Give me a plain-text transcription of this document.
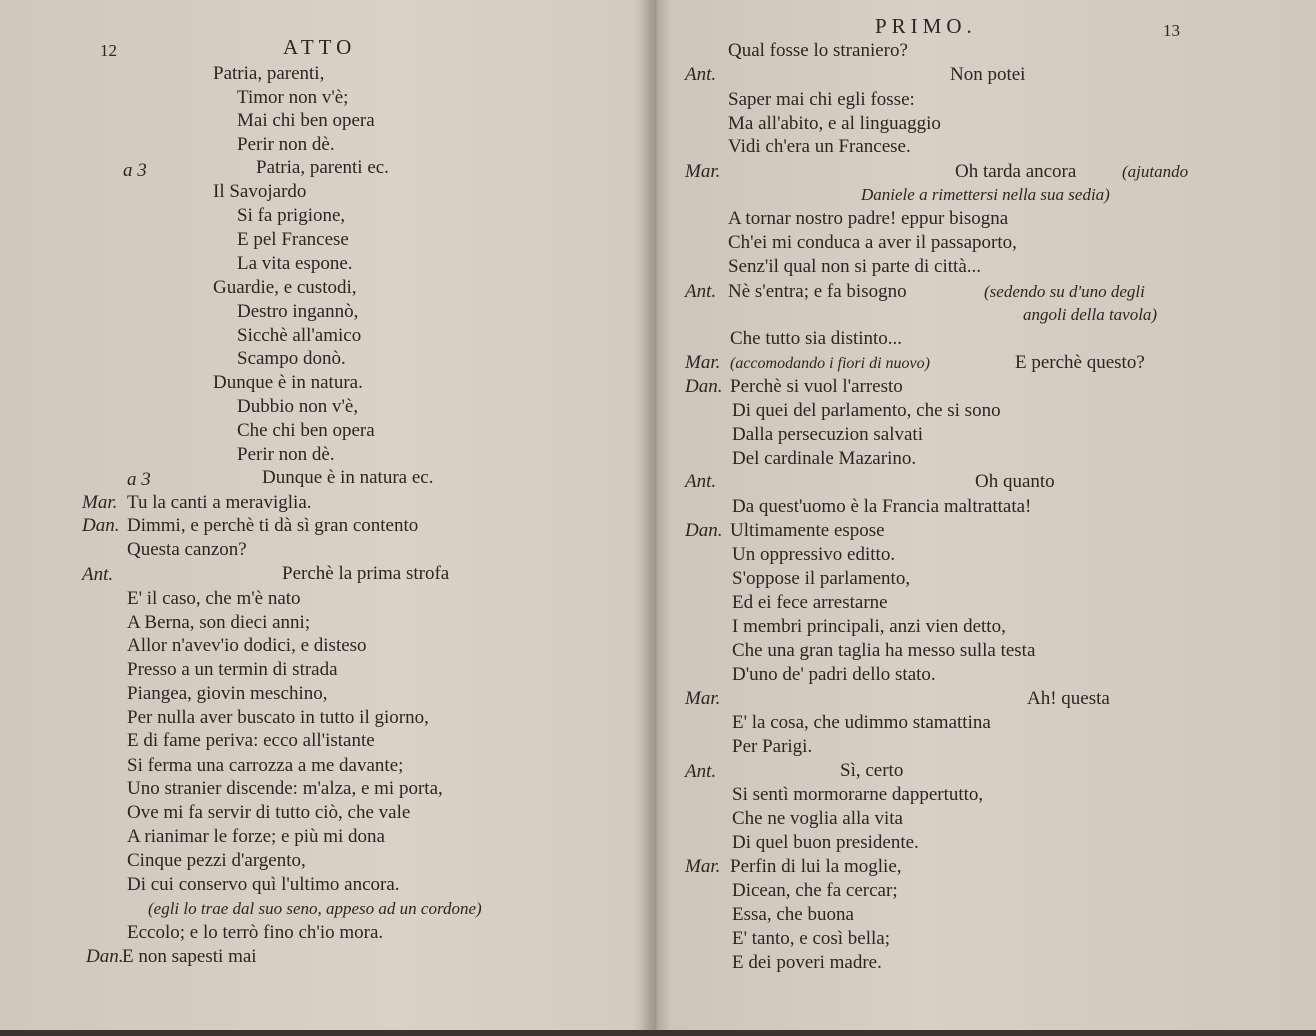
12	ATTO
Patria, parenti,
Timor non v'è;
Mai chi ben opera
Perir non dè.
a 3	Patria, parenti ec.
Il Savojardo
Si fa prigione,
E pel Francese
La vita espone.
Guardie, e custodi,
Destro ingannò,
Sicchè all'amico
Scampo donò.
Dunque è in natura.
Dubbio non v'è,
Che chi ben opera
Perir non dè.
a 3	Dunque è in natura ec.
Mar. Tu la canti a meraviglia.
Dan. Dimmi, e perchè ti dà sì gran contento
Questa canzon?
Ant.	Perchè la prima strofa
E' il caso, che m'è nato
A Berna, son dieci anni;
Allor n'avev'io dodici, e disteso
Presso a un termin di strada
Piangea, giovin meschino,
Per nulla aver buscato in tutto il giorno,
E di fame periva: ecco all'istante
Si ferma una carrozza a me davante;
Uno stranier discende: m'alza, e mi porta,
Ove mi fa servir di tutto ciò, che vale
A rianimar le forze; e più mi dona
Cinque pezzi d'argento,
Di cui conservo quì l'ultimo ancora.
(egli lo trae dal suo seno, appeso ad un cordone)
Eccolo; e lo terrò fino ch'io mora.
Dan.
E non sapesti mai
PRIMO.	13
Qual fosse lo straniero?
Ant.	Non potei
Saper mai chi egli fosse:
Ma all'abito, e al linguaggio
Vidi ch'era un Francese.
Mar.	Oh tarda ancora	(ajutando
Daniele a rimettersi nella sua sedia)
A tornar nostro padre! eppur bisogna
Ch'ei mi conduca a aver il passaporto,
Senz'il qual non si parte di città...
Ant. Nè s'entra; e fa bisogno	(sedendo su d'uno degli
angoli della tavola)
Che tutto sia distinto...
Mar. (accomodando i fiori di nuovo)	E perchè questo?
Dan. Perchè si vuol l'arresto
Di quei del parlamento, che si sono
Dalla persecuzion salvati
Del cardinale Mazarino.
Ant.	Oh quanto
Da quest'uomo è la Francia maltrattata!
Dan. Ultimamente espose
Un oppressivo editto.
S'oppose il parlamento,
Ed ei fece arrestarne
I membri principali, anzi vien detto,
Che una gran taglia ha messo sulla testa
D'uno de' padri dello stato.
Mar.	Ah! questa
E' la cosa, che udimmo stamattina
Per Parigi.
Ant.	Sì, certo
Si sentì mormorarne dappertutto,
Che ne voglia alla vita
Di quel buon presidente.
Mar. Perfin di lui la moglie,
Dicean, che fa cercar;
Essa, che buona
E' tanto, e così bella;
E dei poveri madre.
